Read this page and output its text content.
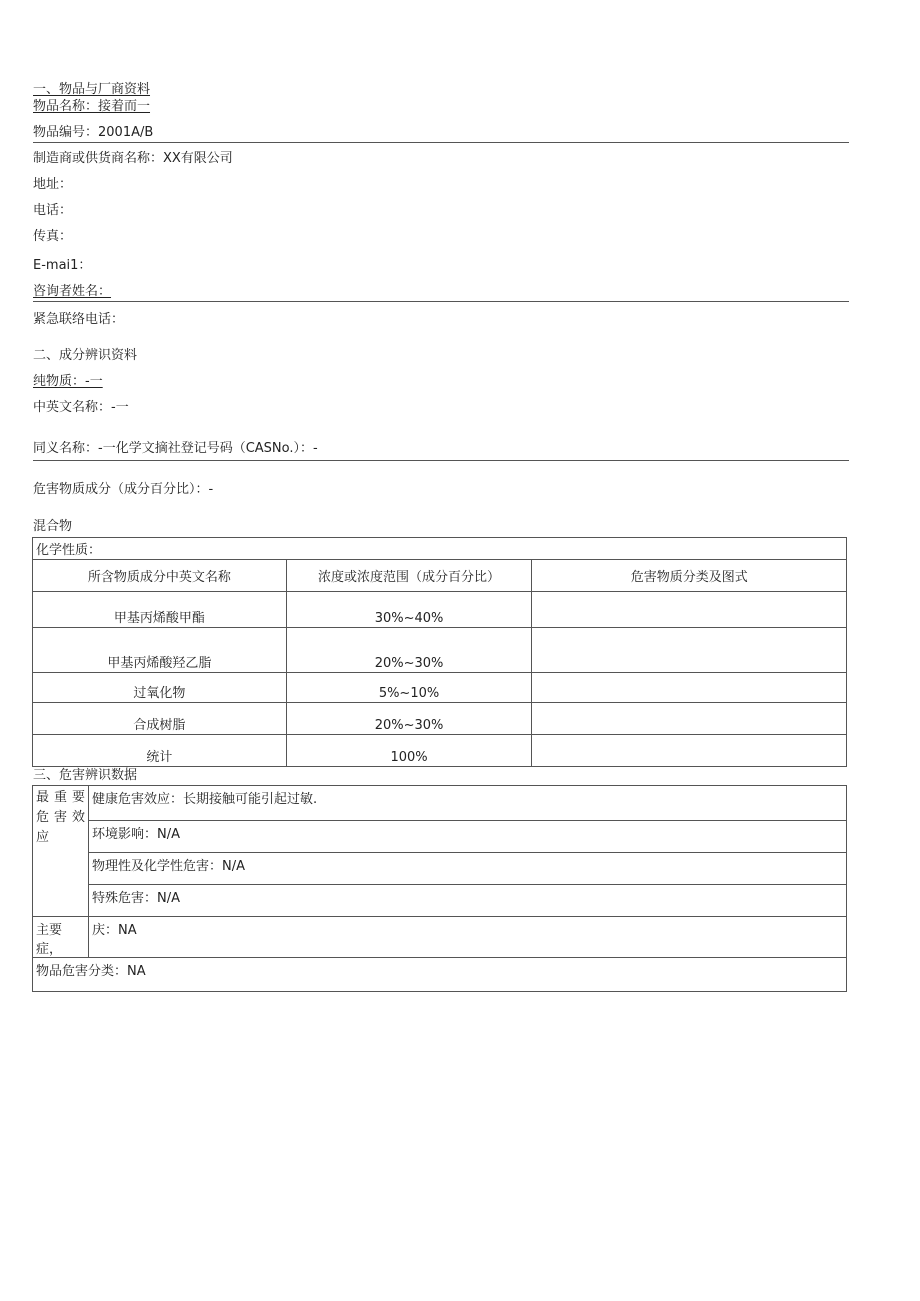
一、物品与厂商资料
物品名称：接着而一
物品编号：2001A/B
制造商或供货商名称：XX有限公司
地址：
电话：
传真：
E-mai1：
咨询者姓名：
紧急联络电话：
二、成分辨识资料
纯物质：-一
中英文名称：-一
同义名称：-一化学文摘社登记号码（CASNo.）：-
危害物质成分（成分百分比）：-
混合物
化学性质：		
所含物质成分中英文名称	浓度或浓度范围（成分百分比）	危害物质分类及图式
甲基丙烯酸甲酯	30%~40%	
甲基丙烯酸羟乙脂	20%~30%	
过氧化物	5%~10%	
合成树脂	20%~30%	
统计	100%	
三、危害辨识数据
最重要危害效应	健康危害效应：长期接触可能引起过敏.
	环境影响：N/A
	物理性及化学性危害：N/A
	特殊危害：N/A
主要症，	庆：NA
物品危害分类：NA	
